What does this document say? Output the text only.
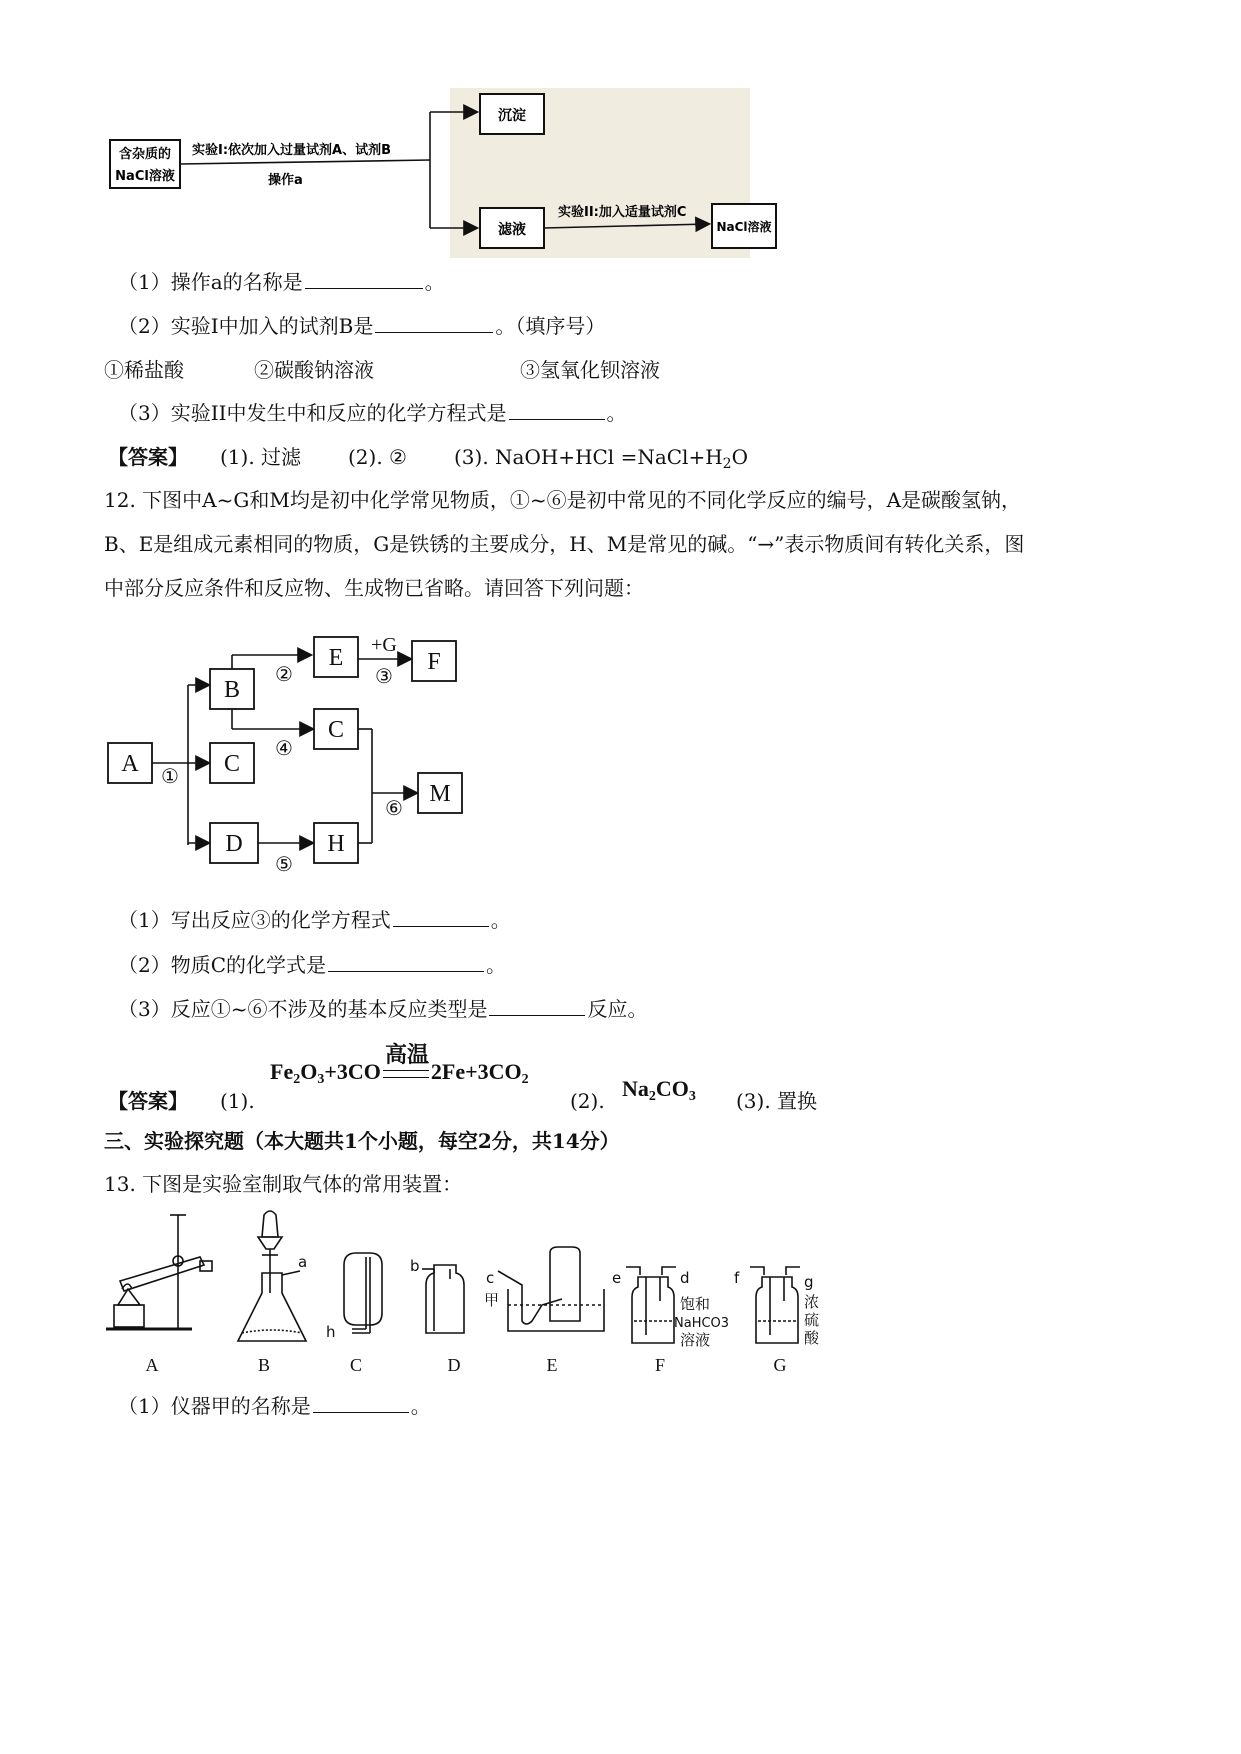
含杂质的
NaCl溶液
实验I:依次加入过量试剂A、试剂B
操作a
沉淀
滤液
实验II:加入适量试剂C
NaCl溶液
（1）操作a的名称是	。
（2）实验I中加入的试剂B是	。（填序号）
①稀盐酸	②碳酸钠溶液	③氢氧化钡溶液
（3）实验II中发生中和反应的化学方程式是	。
【答案】 (1). 过滤 (2). ② (3). NaOH+HCl $=NaCl+H_2O$
12. 下图中A~G和M均是初中化学常见物质，①~⑥是初中常见的不同化学反应的编号，A是碳酸氢钠，
B、E是组成元素相同的物质，G是铁锈的主要成分，H、M是常见的碱。“→”表示物质间有转化关系，图
中部分反应条件和反应物、生成物已省略。请回答下列问题：
A
B
C
D
E	F
C
H
M
①
②	③
④
⑤
⑥
+G
（1）写出反应③的化学方程式	。
（2）物质C的化学式是	。
（3）反应①~⑥不涉及的基本反应类型是	反应。
【答案】 (1).	(2).	(3). 置换
高温
$Fe_2O_3+3CO$ $2Fe+3CO_2$	$Na_2CO_3$
三、实验探究题（本大题共1个小题，每空2分，共14分）
13. 下图是实验室制取气体的常用装置：
A	B	C	D	E	F	G
a	b
c
甲
d
e	f	g
h
饱和
NaHCO3
溶液
浓
硫
酸
（1）仪器甲的名称是	。
